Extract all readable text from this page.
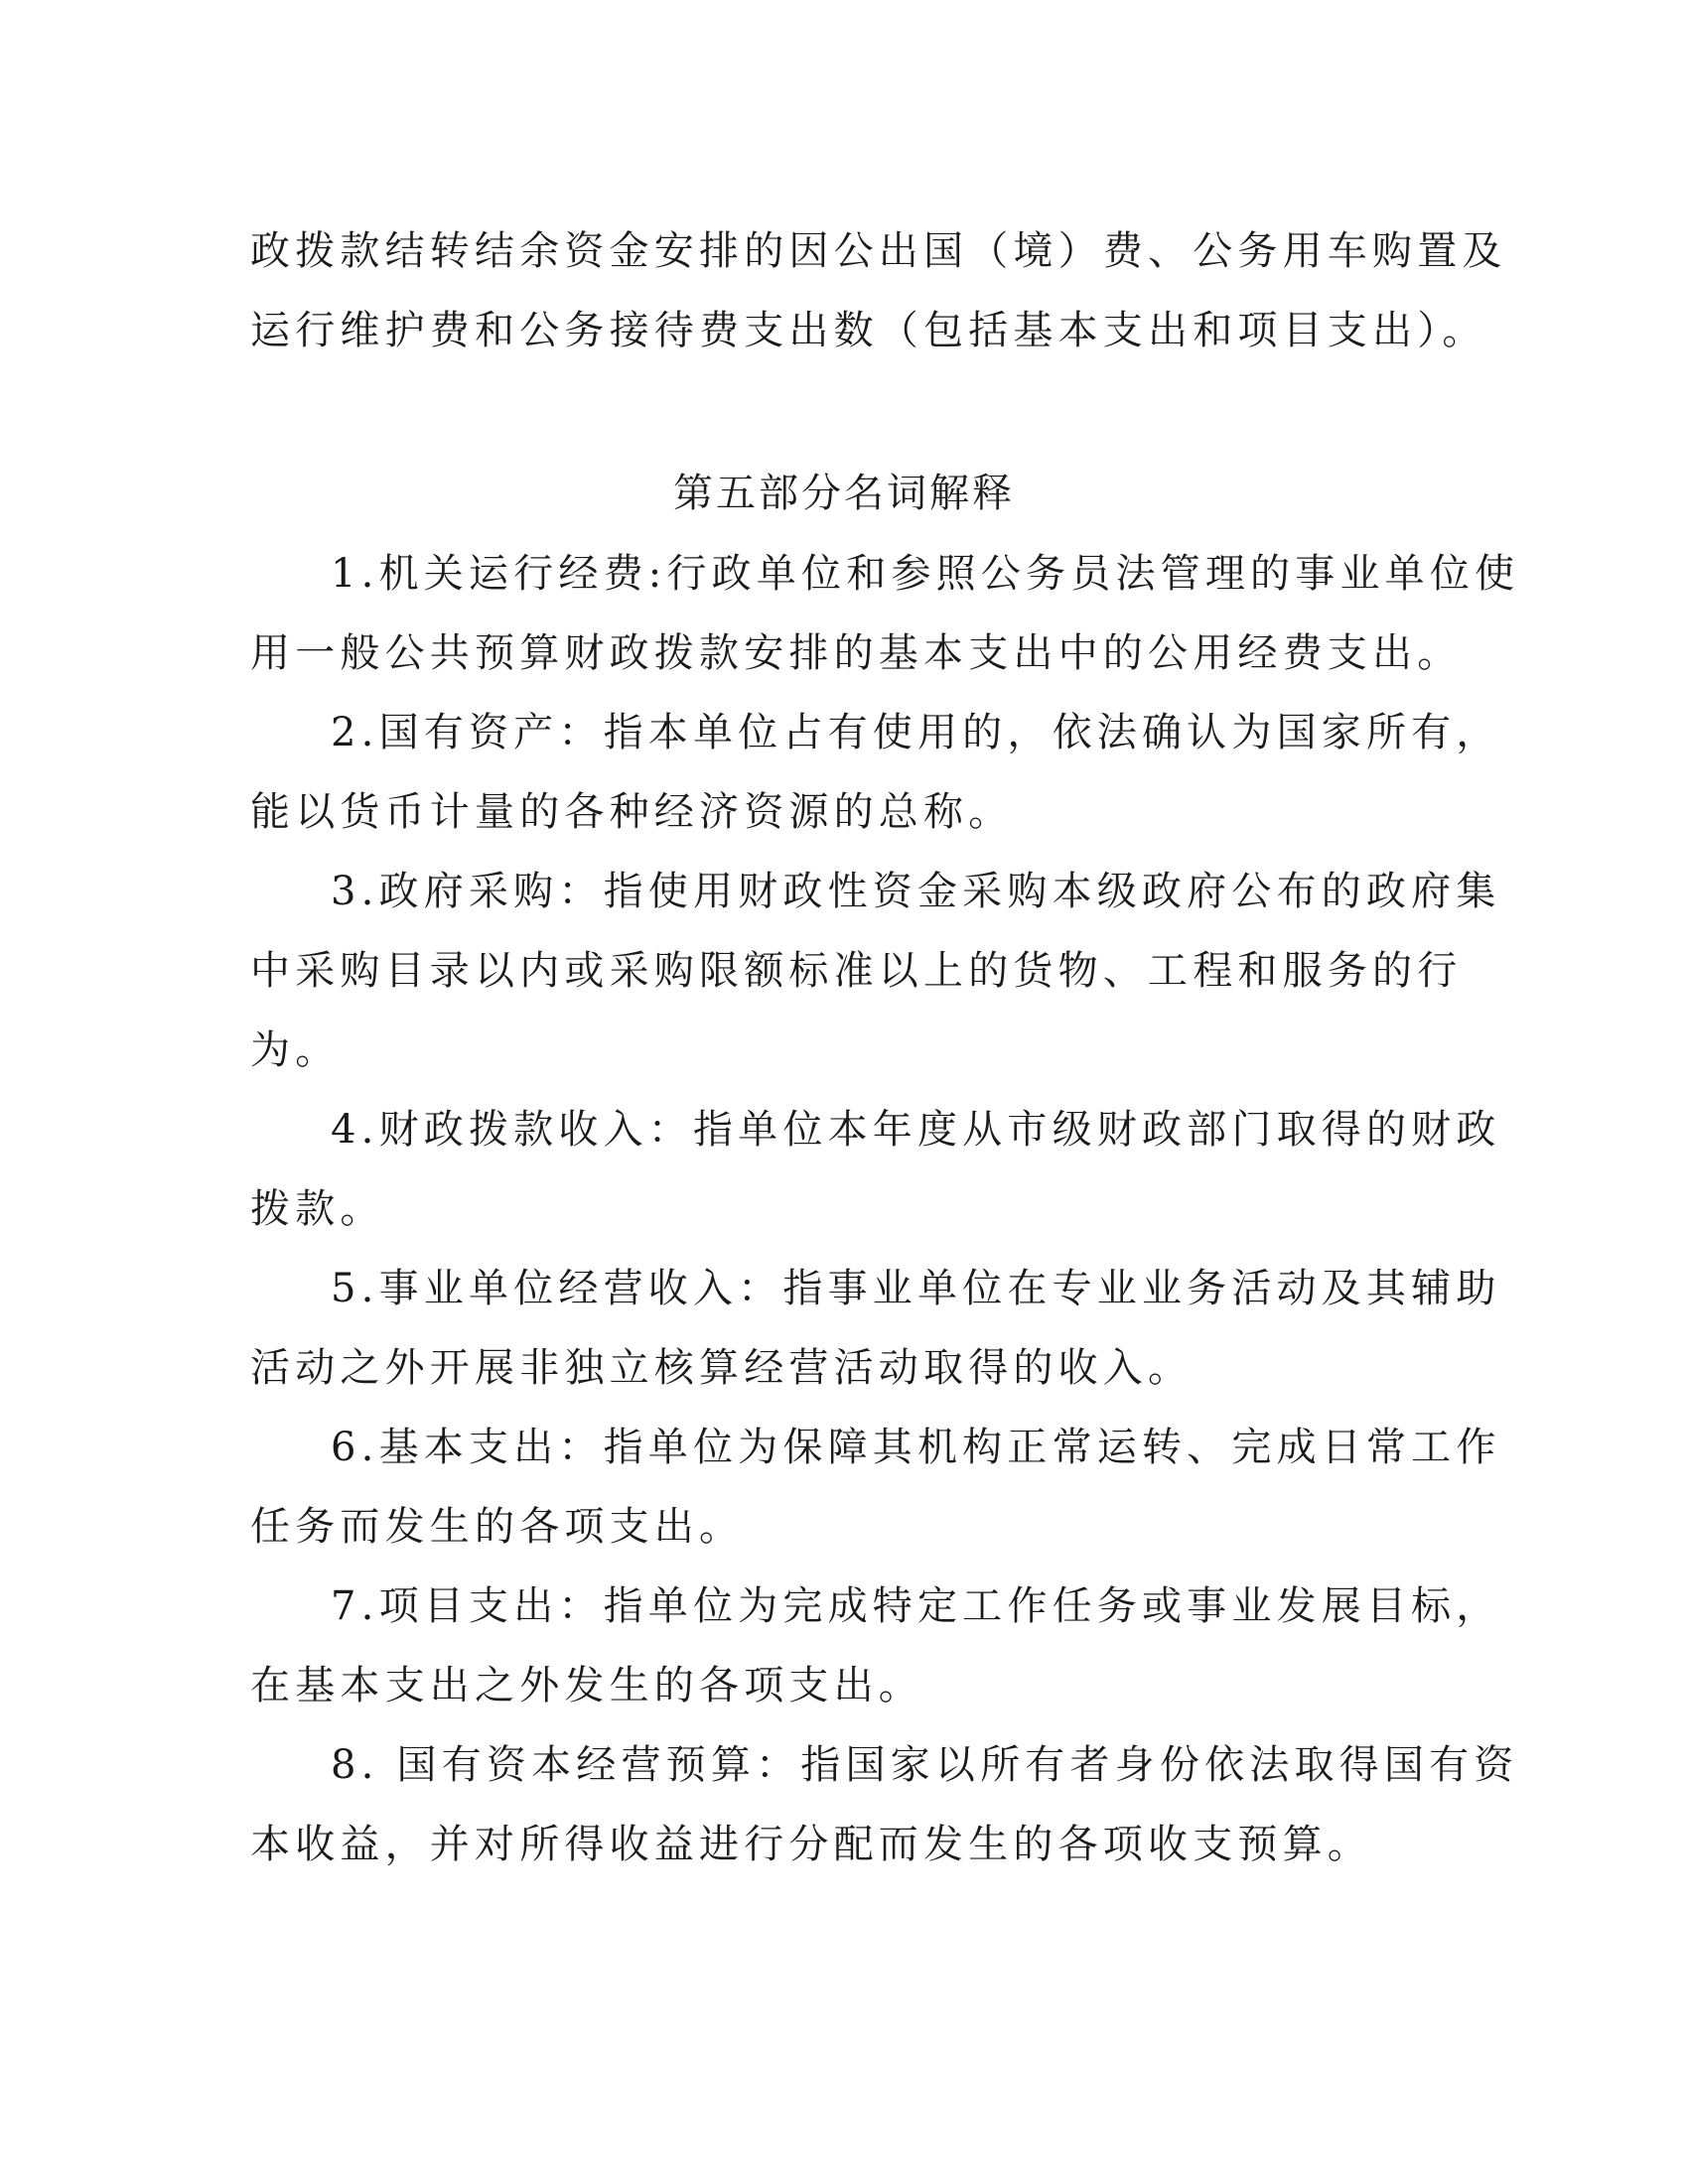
政拨款结转结余资金安排的因公出国（境）费、公务用车购置及
运行维护费和公务接待费支出数（包括基本支出和项目支出）。
第五部分名词解释
1.机关运行经费:行政单位和参照公务员法管理的事业单位使
用一般公共预算财政拨款安排的基本支出中的公用经费支出。
2.国有资产：指本单位占有使用的，依法确认为国家所有，
能以货币计量的各种经济资源的总称。
3.政府采购：指使用财政性资金采购本级政府公布的政府集
中采购目录以内或采购限额标准以上的货物、工程和服务的行
为。
4.财政拨款收入：指单位本年度从市级财政部门取得的财政
拨款。
5.事业单位经营收入：指事业单位在专业业务活动及其辅助
活动之外开展非独立核算经营活动取得的收入。
6.基本支出：指单位为保障其机构正常运转、完成日常工作
任务而发生的各项支出。
7.项目支出：指单位为完成特定工作任务或事业发展目标，
在基本支出之外发生的各项支出。
8. 国有资本经营预算：指国家以所有者身份依法取得国有资
本收益，并对所得收益进行分配而发生的各项收支预算。
